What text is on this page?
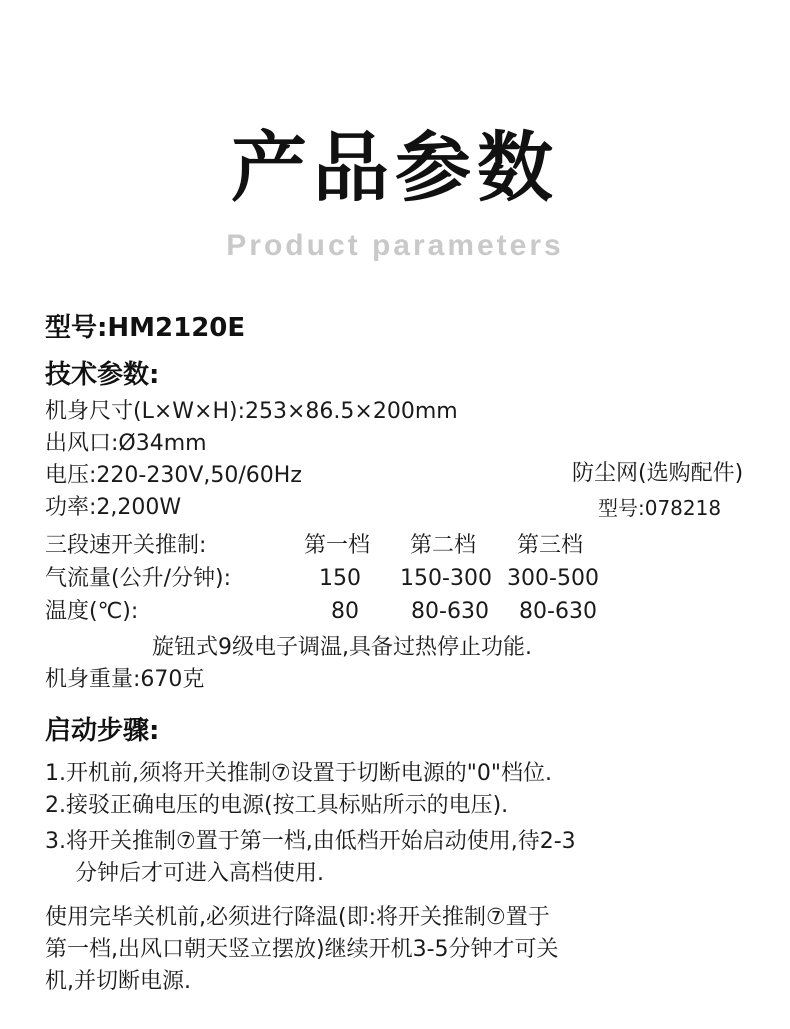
产品参数
Product parameters
型号:HM2120E
技术参数:
机身尺寸(L×W×H):253×86.5×200mm
出风口:Ø34mm
电压:220-230V,50/60Hz
功率:2,200W
防尘网(选购配件)
型号:078218
三段速开关推制:	第一档	第二档	第三档
气流量(公升/分钟):	150	150-300 300-500
温度(℃):	80	80-630	80-630
旋钮式9级电子调温,具备过热停止功能.
机身重量:670克
启动步骤:
1.开机前,须将开关推制⑦设置于切断电源的"0"档位.
2.接驳正确电压的电源(按工具标贴所示的电压).
3.将开关推制⑦置于第一档,由低档开始启动使用,待2-3
分钟后才可进入高档使用.
使用完毕关机前,必须进行降温(即:将开关推制⑦置于
第一档,出风口朝天竖立摆放)继续开机3-5分钟才可关
机,并切断电源.
